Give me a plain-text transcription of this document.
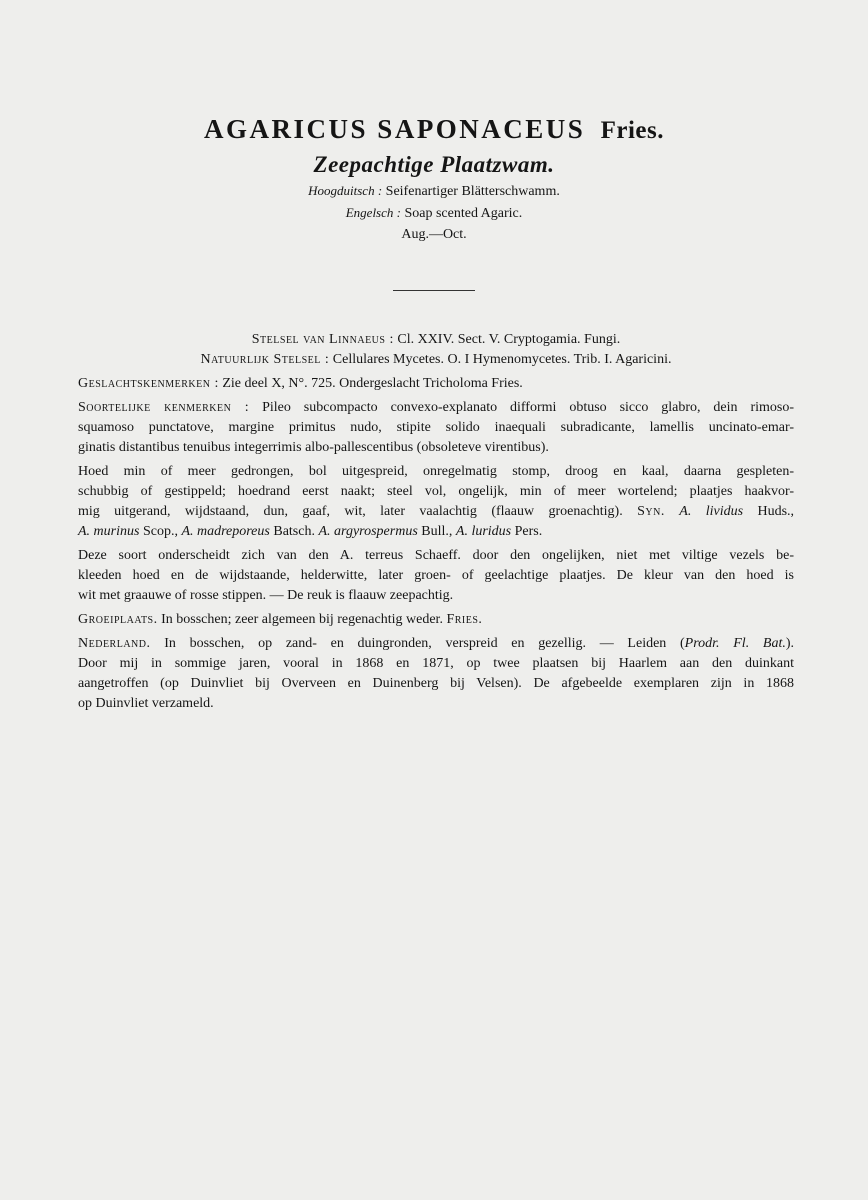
AGARICUS SAPONACEUS Fries.
Zeepachtige Plaatzwam.
Hoogduitsch : Seifenartiger Blätterschwamm.
Engelsch : Soap scented Agaric.
Aug.—Oct.
Stelsel van Linnaeus : Cl. XXIV. Sect. V. Cryptogamia. Fungi.
Natuurlijk Stelsel : Cellulares Mycetes. O. I Hymenomycetes. Trib. I. Agaricini.
Geslachtskenmerken : Zie deel X, N°. 725. Ondergeslacht Tricholoma Fries.
Soortelijke kenmerken : Pileo subcompacto convexo-explanato difformi obtuso sicco glabro, dein rimoso-
squamoso punctatove, margine primitus nudo, stipite solido inaequali subradicante, lamellis uncinato-emar-
ginatis distantibus tenuibus integerrimis albo-pallescentibus (obsoleteve virentibus).
Hoed min of meer gedrongen, bol uitgespreid, onregelmatig stomp, droog en kaal, daarna gespleten-
schubbig of gestippeld; hoedrand eerst naakt; steel vol, ongelijk, min of meer wortelend; plaatjes haakvor-
mig uitgerand, wijdstaand, dun, gaaf, wit, later vaalachtig (flaauw groenachtig). Syn. A. lividus Huds.,
A. murinus Scop., A. madreporeus Batsch. A. argyrospermus Bull., A. luridus Pers.
Deze soort onderscheidt zich van den A. terreus Schaeff. door den ongelijken, niet met viltige vezels be-
kleeden hoed en de wijdstaande, helderwitte, later groen- of geelachtige plaatjes. De kleur van den hoed is
wit met graauwe of rosse stippen. — De reuk is flaauw zeepachtig.
Groeiplaats. In bosschen; zeer algemeen bij regenachtig weder. Fries.
Nederland. In bosschen, op zand- en duingronden, verspreid en gezellig. — Leiden (Prodr. Fl. Bat.).
Door mij in sommige jaren, vooral in 1868 en 1871, op twee plaatsen bij Haarlem aan den duinkant
aangetroffen (op Duinvliet bij Overveen en Duinenberg bij Velsen). De afgebeelde exemplaren zijn in 1868
op Duinvliet verzameld.
